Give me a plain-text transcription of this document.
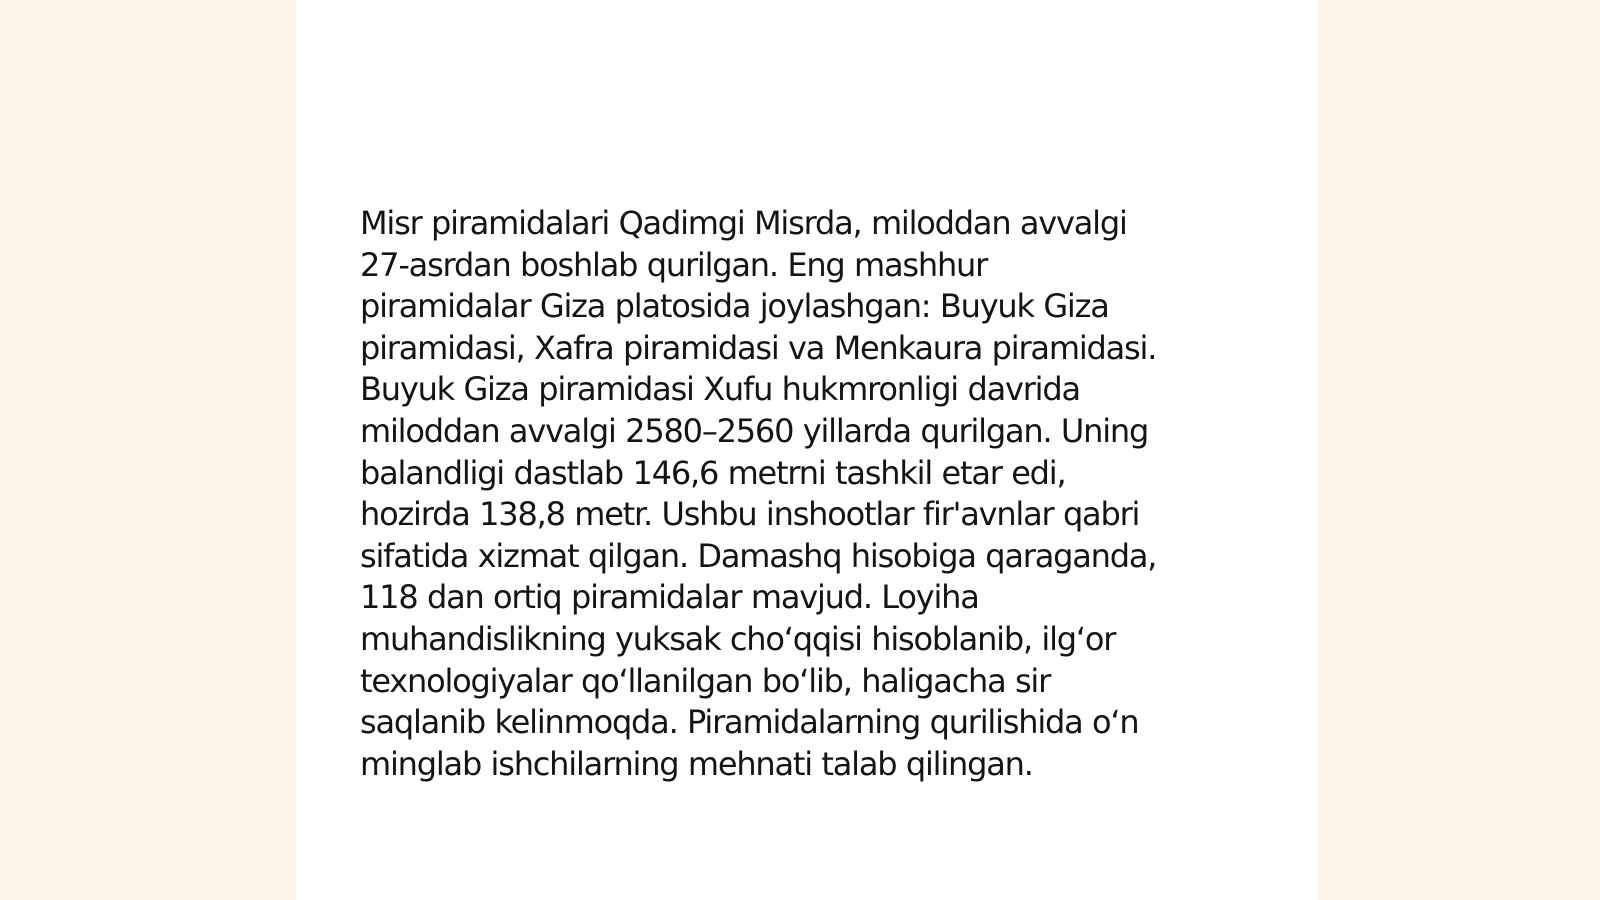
Misr piramidalari Qadimgi Misrda, miloddan avvalgi
27-asrdan boshlab qurilgan. Eng mashhur
piramidalar Giza platosida joylashgan: Buyuk Giza
piramidasi, Xafra piramidasi va Menkaura piramidasi.
Buyuk Giza piramidasi Xufu hukmronligi davrida
miloddan avvalgi 2580–2560 yillarda qurilgan. Uning
balandligi dastlab 146,6 metrni tashkil etar edi,
hozirda 138,8 metr. Ushbu inshootlar fir'avnlar qabri
sifatida xizmat qilgan. Damashq hisobiga qaraganda,
118 dan ortiq piramidalar mavjud. Loyiha
muhandislikning yuksak choʻqqisi hisoblanib, ilgʻor
texnologiyalar qoʻllanilgan boʻlib, haligacha sir
saqlanib kelinmoqda. Piramidalarning qurilishida oʻn
minglab ishchilarning mehnati talab qilingan.
